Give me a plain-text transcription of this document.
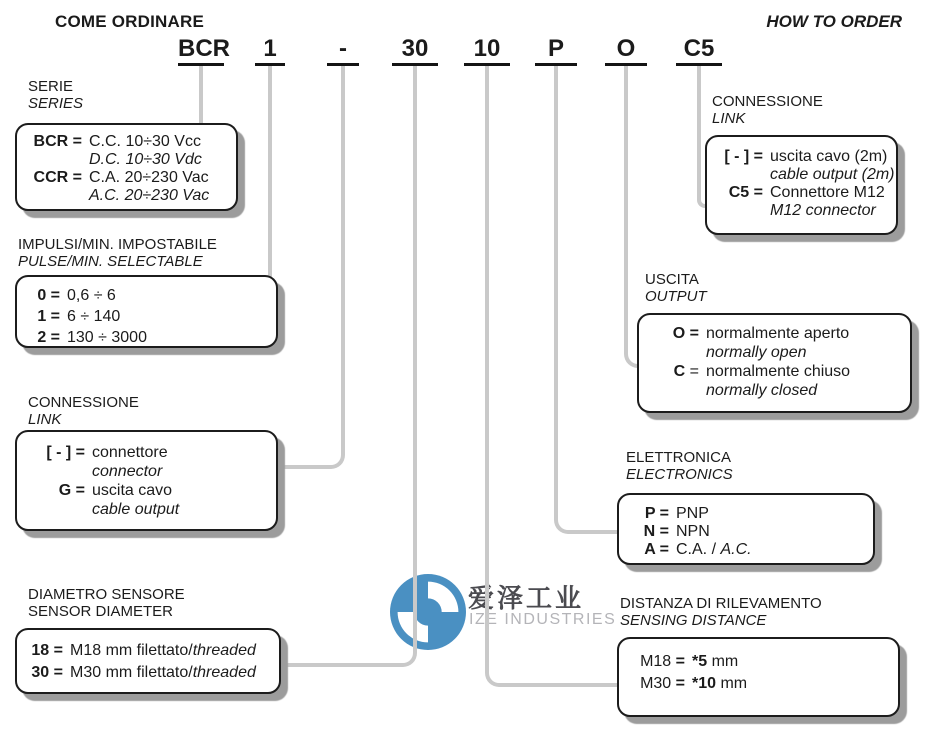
COME ORDINARE	HOW TO ORDER
BCR	1	-	30	10	P	O	C5
爱泽工业
IZE INDUSTRIES
SERIE
SERIES
IMPULSI/MIN. IMPOSTABILE
PULSE/MIN. SELECTABLE
CONNESSIONE
LINK
DIAMETRO SENSORE
SENSOR DIAMETER
CONNESSIONE
LINK
USCITA
OUTPUT
ELETTRONICA
ELECTRONICS
DISTANZA DI RILEVAMENTO
SENSING DISTANCE
BCR = C.C. 10÷30 Vcc
D.C. 10÷30 Vdc
CCR = C.A. 20÷230 Vac
A.C. 20÷230 Vac
0 = 0,6 ÷ 6
1 = 6 ÷ 140
2 = 130 ÷ 3000
[ - ] = connettore
connector
G = uscita cavo
cable output
18 = M18 mm filettato/threaded
30 = M30 mm filettato/threaded
[ - ] = uscita cavo (2m)
cable output (2m)
C5 = Connettore M12
M12 connector
O = normalmente aperto
normally open
C = normalmente chiuso
normally closed
P = PNP
N = NPN
A = C.A. / A.C.
M18 = *5 mm
M30 = *10 mm
